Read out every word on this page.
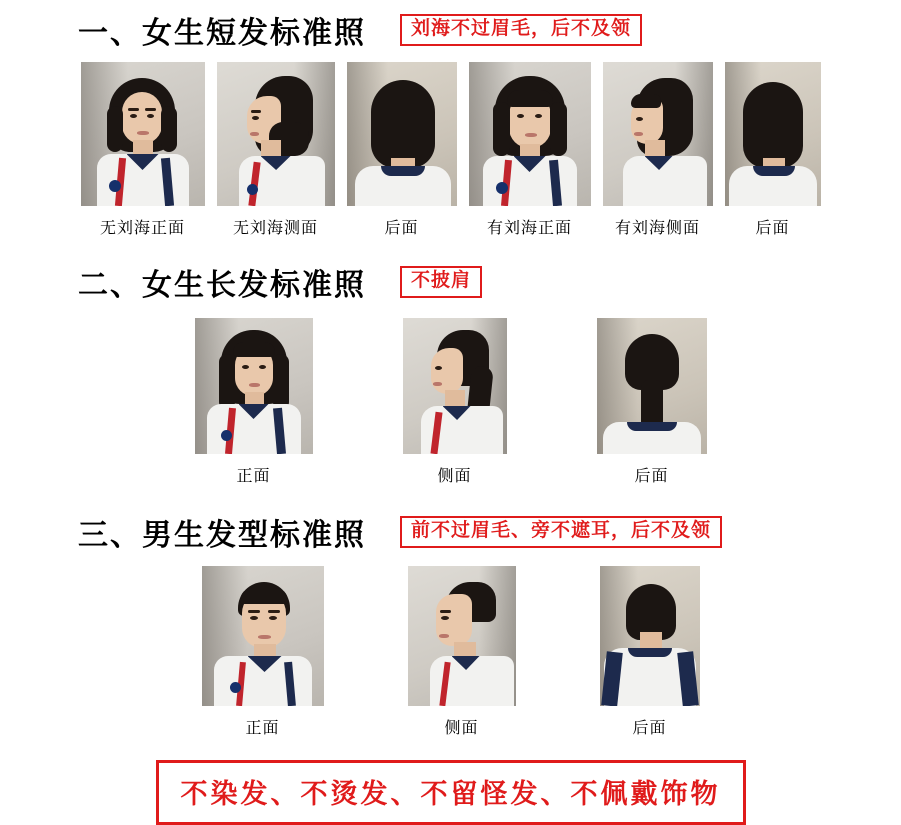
一、女生短发标准照	刘海不过眉毛，后不及领
无刘海正面	无刘海测面	后面	有刘海正面	有刘海侧面	后面
二、女生长发标准照	不披肩
正面	侧面	后面
三、男生发型标准照	前不过眉毛、旁不遮耳，后不及领
正面	侧面	后面
不染发、不烫发、不留怪发、不佩戴饰物
